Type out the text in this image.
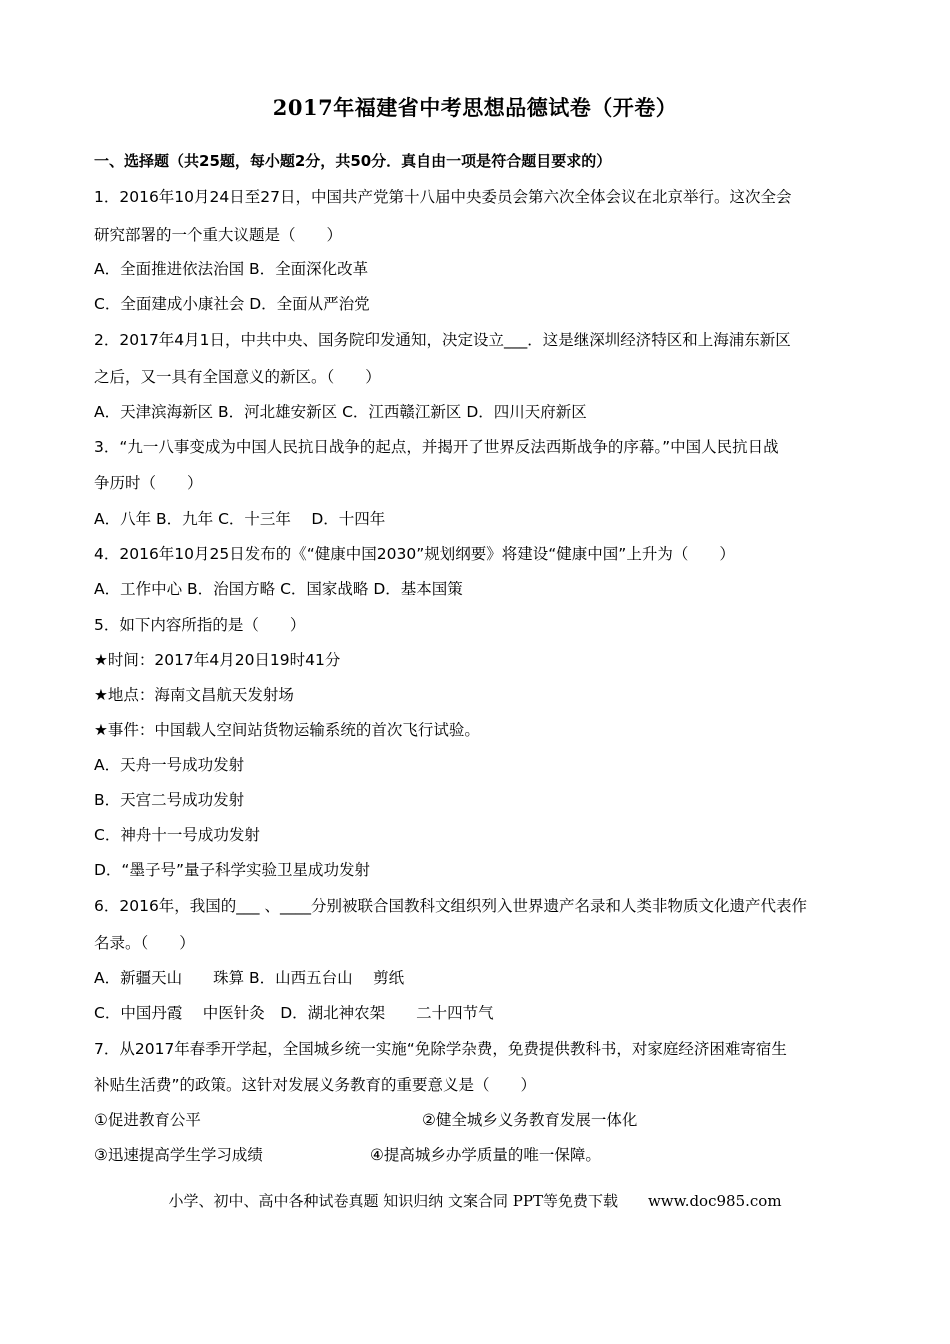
2017年福建省中考思想品德试卷（开卷）
一、选择题（共25题，每小题2分，共50分．真自由一项是符合题目要求的）
1．2016年10月24日至27日，中国共产党第十八届中央委员会第六次全体会议在北京举行。这次全会
研究部署的一个重大议题是（　　）
A．全面推进依法治国 B．全面深化改革
C．全面建成小康社会 D．全面从严治党
2．2017年4月1日，中共中央、国务院印发通知，决定设立___．这是继深圳经济特区和上海浦东新区
之后，又一具有全国意义的新区。（　　）
A．天津滨海新区 B．河北雄安新区 C．江西赣江新区 D．四川天府新区
3．“九一八事变成为中国人民抗日战争的起点，并揭开了世界反法西斯战争的序幕。”中国人民抗日战
争历时（　　）
A．八年 B．九年 C．十三年　 D．十四年
4．2016年10月25日发布的《“健康中国2030”规划纲要》将建设“健康中国”上升为（　　）
A．工作中心 B．治国方略 C．国家战略 D．基本国策
5．如下内容所指的是（　　）
★时间：2017年4月20日19时41分
★地点：海南文昌航天发射场
★事件：中国载人空间站货物运输系统的首次飞行试验。
A．天舟一号成功发射
B．天宫二号成功发射
C．神舟十一号成功发射
D．“墨子号”量子科学实验卫星成功发射
6．2016年，我国的___ 、____分别被联合国教科文组织列入世界遗产名录和人类非物质文化遗产代表作
名录。（　　）
A．新疆天山　　珠算 B．山西五台山　 剪纸
C．中国丹霞　 中医针灸　D．湖北神农架　　二十四节气
7．从2017年春季开学起，全国城乡统一实施“免除学杂费，免费提供教科书，对家庭经济困难寄宿生
补贴生活费”的政策。这针对发展义务教育的重要意义是（　　）
①促进教育公平	②健全城乡义务教育发展一体化
③迅速提高学生学习成绩	④提高城乡办学质量的唯一保障。
小学、初中、高中各种试卷真题 知识归纳 文案合同 PPT等免费下载　　www.doc985.com
